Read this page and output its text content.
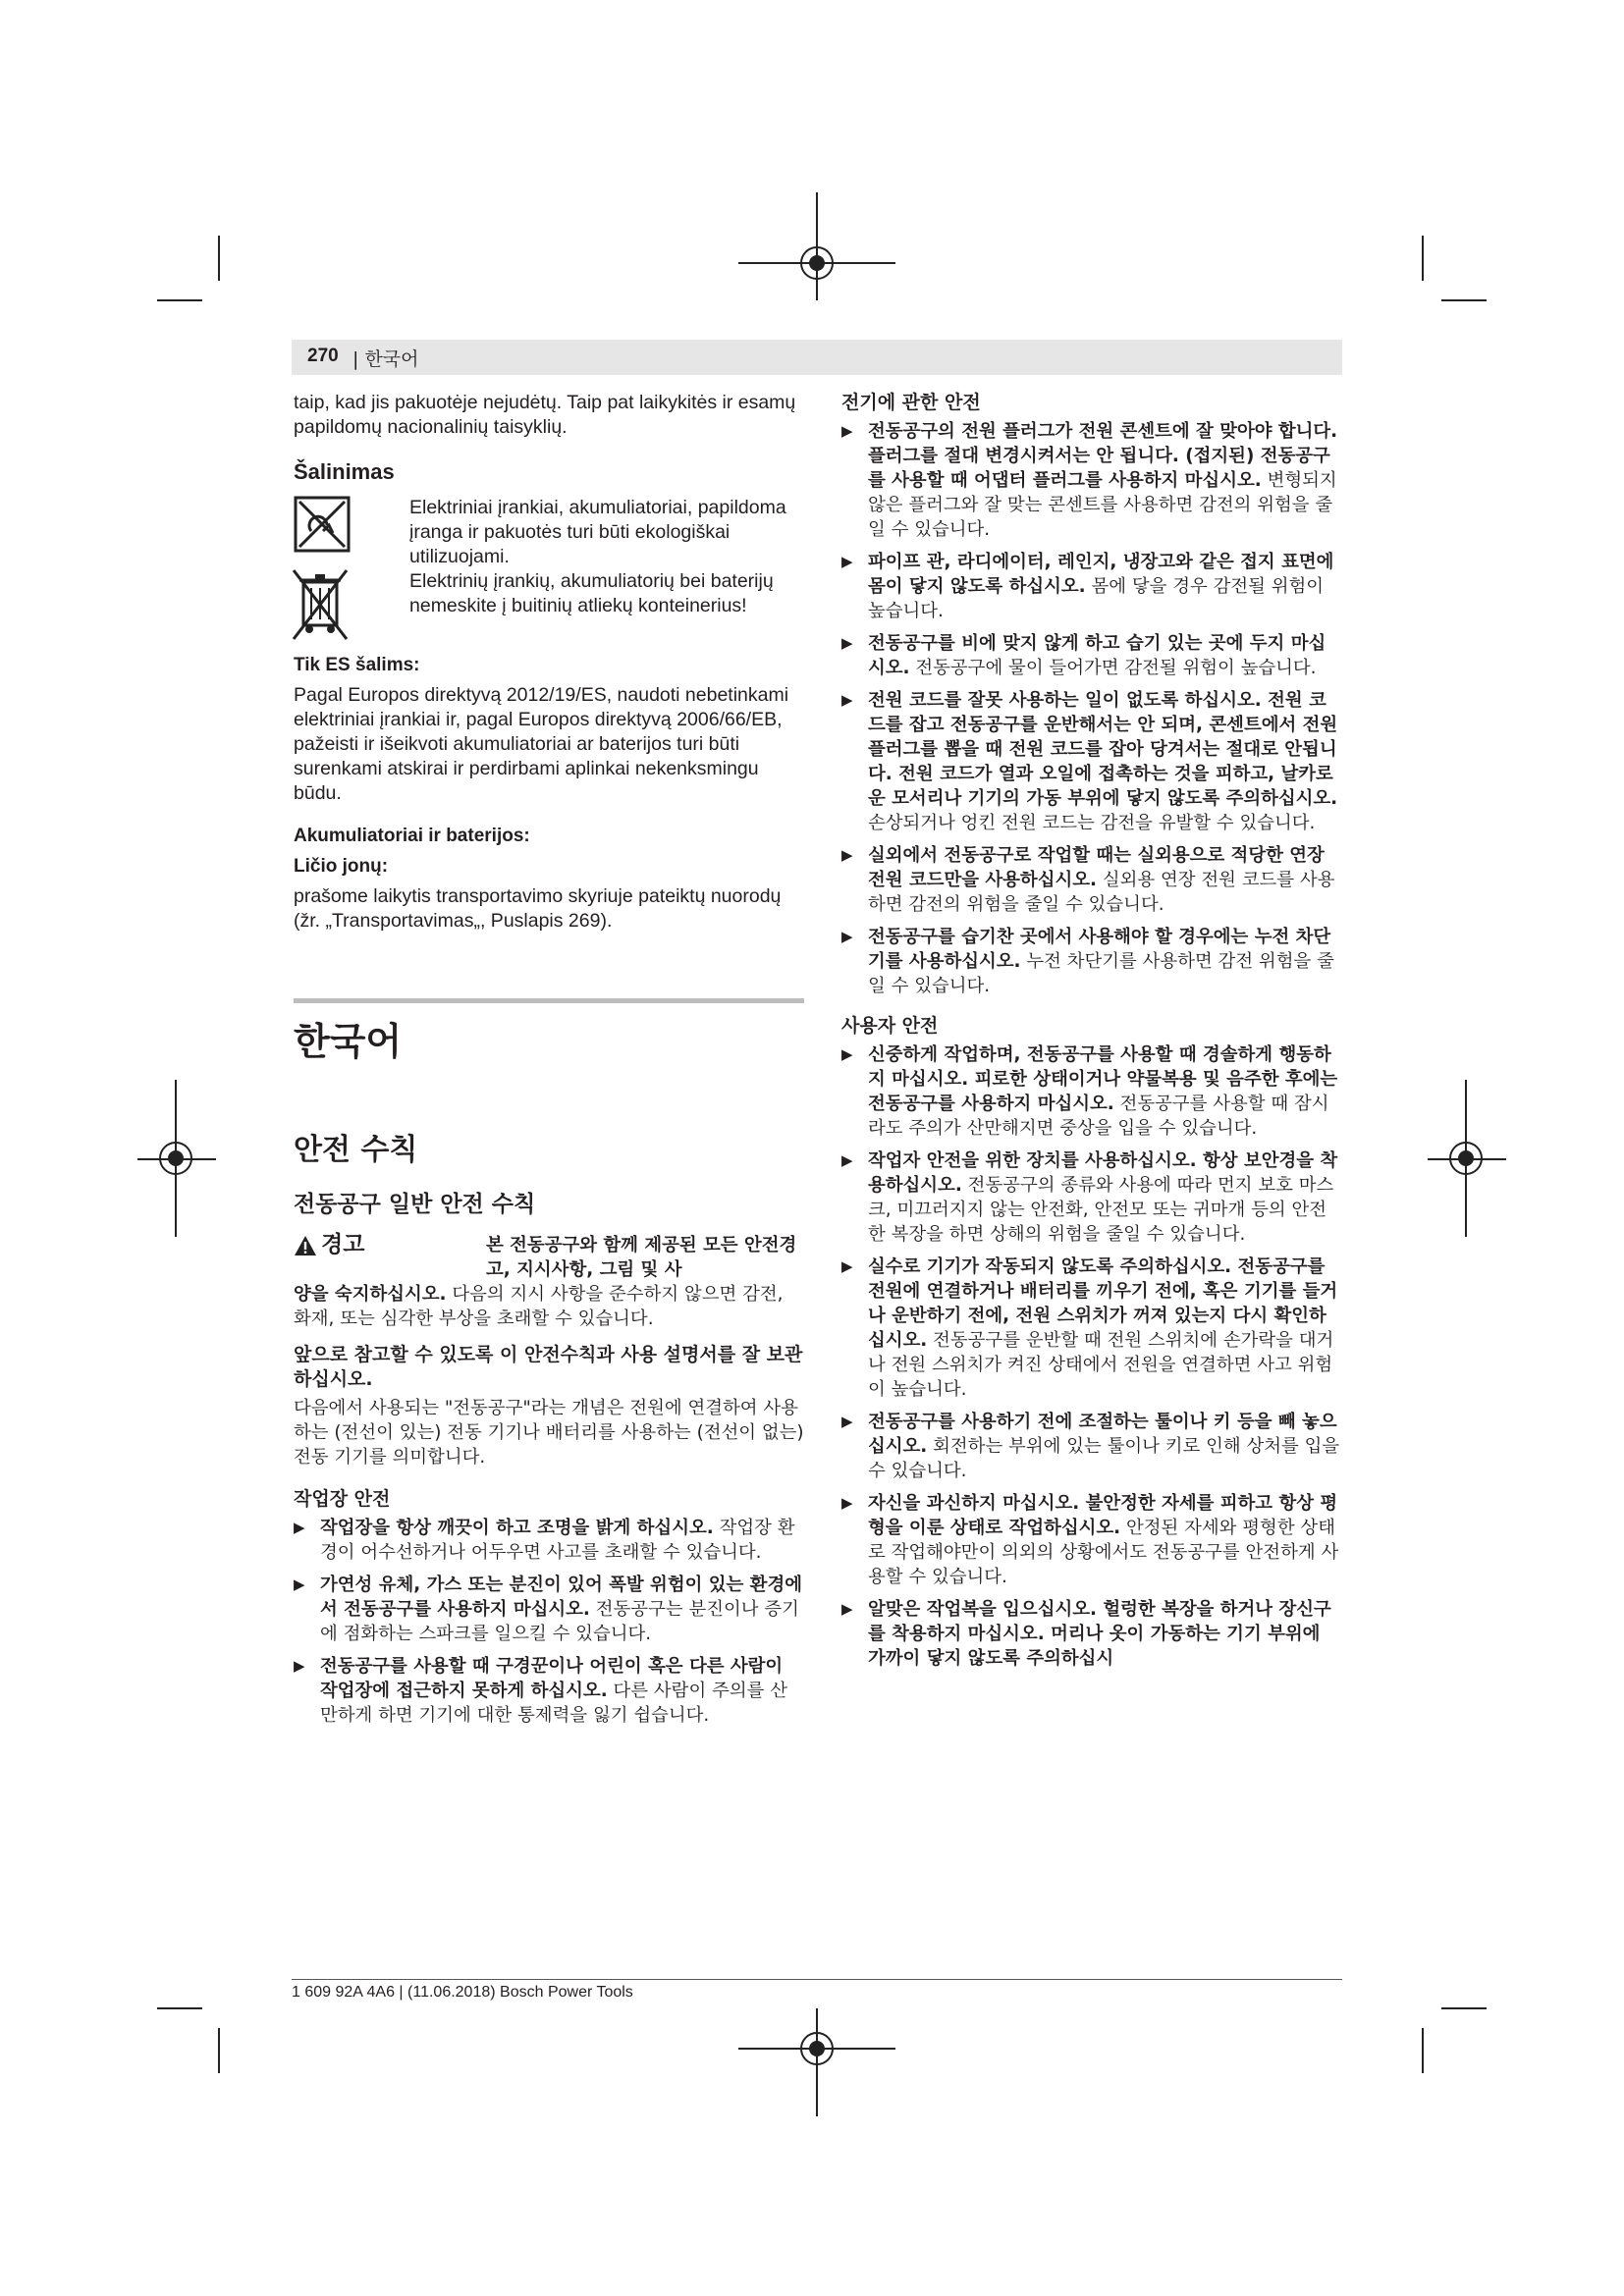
270 | 한국어

taip, kad jis pakuotėje nejudėtų. Taip pat laikykitės ir esamų papildomų nacionalinių taisyklių.

Šalinimas

Elektriniai įrankiai, akumuliatoriai, papildoma įranga ir pakuotės turi būti ekologiškai utilizuojami.

Elektrinių įrankių, akumuliatorių bei baterijų nemeskite į buitinių atliekų konteinerius!

Tik ES šalims:

Pagal Europos direktyvą 2012/19/ES, naudoti nebetinkami elektriniai įrankiai ir, pagal Europos direktyvą 2006/66/EB, pažeisti ir išeikvoti akumuliatoriai ar baterijos turi būti surenkami atskirai ir perdirbami aplinkai nekenksmingu būdu.

Akumuliatoriai ir baterijos:

Ličio jonų:

prašome laikytis transportavimo skyriuje pateiktų nuorodų (žr. „Transportavimas„, Puslapis 269).

한국어

안전 수칙

전동공구 일반 안전 수칙

경고	본 전동공구와 함께 제공된 모든 안전경고, 지시사항, 그림 및 사

양을 숙지하십시오. 다음의 지시 사항을 준수하지 않으면 감전, 화재, 또는 심각한 부상을 초래할 수 있습니다.

앞으로 참고할 수 있도록 이 안전수칙과 사용 설명서를 잘 보관하십시오.

다음에서 사용되는 "전동공구"라는 개념은 전원에 연결하여 사용하는 (전선이 있는) 전동 기기나 배터리를 사용하는 (전선이 없는) 전동 기기를 의미합니다.

작업장 안전

▶ 작업장을 항상 깨끗이 하고 조명을 밝게 하십시오. 작업장 환경이 어수선하거나 어두우면 사고를 초래할 수 있습니다.
▶ 가연성 유체, 가스 또는 분진이 있어 폭발 위험이 있는 환경에서 전동공구를 사용하지 마십시오. 전동공구는 분진이나 증기에 점화하는 스파크를 일으킬 수 있습니다.
▶ 전동공구를 사용할 때 구경꾼이나 어린이 혹은 다른 사람이 작업장에 접근하지 못하게 하십시오. 다른 사람이 주의를 산만하게 하면 기기에 대한 통제력을 잃기 쉽습니다.

전기에 관한 안전

▶ 전동공구의 전원 플러그가 전원 콘센트에 잘 맞아야 합니다. 플러그를 절대 변경시켜서는 안 됩니다. (접지된) 전동공구를 사용할 때 어댑터 플러그를 사용하지 마십시오. 변형되지 않은 플러그와 잘 맞는 콘센트를 사용하면 감전의 위험을 줄일 수 있습니다.
▶ 파이프 관, 라디에이터, 레인지, 냉장고와 같은 접지 표면에 몸이 닿지 않도록 하십시오. 몸에 닿을 경우 감전될 위험이 높습니다.
▶ 전동공구를 비에 맞지 않게 하고 습기 있는 곳에 두지 마십시오. 전동공구에 물이 들어가면 감전될 위험이 높습니다.
▶ 전원 코드를 잘못 사용하는 일이 없도록 하십시오. 전원 코드를 잡고 전동공구를 운반해서는 안 되며, 콘센트에서 전원 플러그를 뽑을 때 전원 코드를 잡아 당겨서는 절대로 안됩니다. 전원 코드가 열과 오일에 접촉하는 것을 피하고, 날카로운 모서리나 기기의 가동 부위에 닿지 않도록 주의하십시오. 손상되거나 엉킨 전원 코드는 감전을 유발할 수 있습니다.
▶ 실외에서 전동공구로 작업할 때는 실외용으로 적당한 연장 전원 코드만을 사용하십시오. 실외용 연장 전원 코드를 사용하면 감전의 위험을 줄일 수 있습니다.
▶ 전동공구를 습기찬 곳에서 사용해야 할 경우에는 누전 차단기를 사용하십시오. 누전 차단기를 사용하면 감전 위험을 줄일 수 있습니다.

사용자 안전

▶ 신중하게 작업하며, 전동공구를 사용할 때 경솔하게 행동하지 마십시오. 피로한 상태이거나 약물복용 및 음주한 후에는 전동공구를 사용하지 마십시오. 전동공구를 사용할 때 잠시라도 주의가 산만해지면 중상을 입을 수 있습니다.
▶ 작업자 안전을 위한 장치를 사용하십시오. 항상 보안경을 착용하십시오. 전동공구의 종류와 사용에 따라 먼지 보호 마스크, 미끄러지지 않는 안전화, 안전모 또는 귀마개 등의 안전한 복장을 하면 상해의 위험을 줄일 수 있습니다.
▶ 실수로 기기가 작동되지 않도록 주의하십시오. 전동공구를 전원에 연결하거나 배터리를 끼우기 전에, 혹은 기기를 들거나 운반하기 전에, 전원 스위치가 꺼져 있는지 다시 확인하십시오. 전동공구를 운반할 때 전원 스위치에 손가락을 대거나 전원 스위치가 켜진 상태에서 전원을 연결하면 사고 위험이 높습니다.
▶ 전동공구를 사용하기 전에 조절하는 툴이나 키 등을 빼 놓으십시오. 회전하는 부위에 있는 툴이나 키로 인해 상처를 입을 수 있습니다.
▶ 자신을 과신하지 마십시오. 불안정한 자세를 피하고 항상 평형을 이룬 상태로 작업하십시오. 안정된 자세와 평형한 상태로 작업해야만이 의외의 상황에서도 전동공구를 안전하게 사용할 수 있습니다.
▶ 알맞은 작업복을 입으십시오. 헐렁한 복장을 하거나 장신구를 착용하지 마십시오. 머리나 옷이 가동하는 기기 부위에 가까이 닿지 않도록 주의하십시
1 609 92A 4A6 | (11.06.2018) Bosch Power Tools
